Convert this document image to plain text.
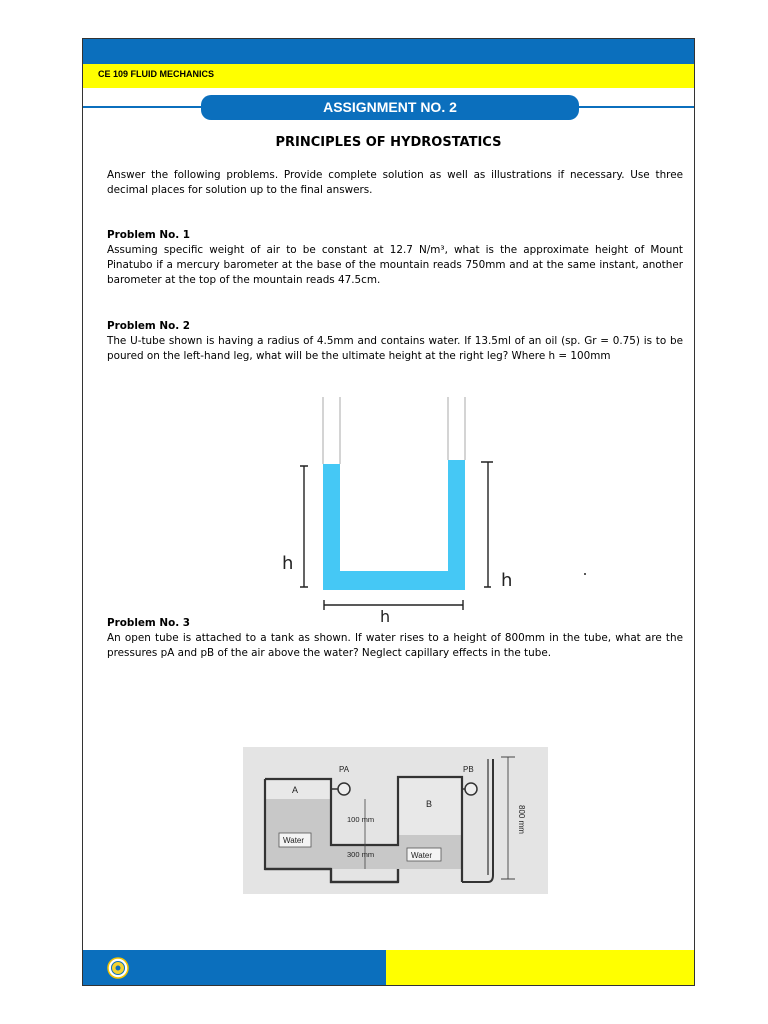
CE 109 FLUID MECHANICS
ASSIGNMENT NO. 2
PRINCIPLES OF HYDROSTATICS
Answer the following problems. Provide complete solution as well as illustrations if necessary. Use three decimal places for solution up to the final answers.
Problem No. 1
Assuming specific weight of air to be constant at 12.7 N/m³, what is the approximate height of Mount Pinatubo if a mercury barometer at the base of the mountain reads 750mm and at the same instant, another barometer at the top of the mountain reads 47.5cm.
Problem No. 2
The U-tube shown is having a radius of 4.5mm and contains water. If 13.5ml of an oil (sp. Gr = 0.75) is to be poured on the left-hand leg, what will be the ultimate height at the right leg? Where h = 100mm
h
h
h
Problem No. 3
An open tube is attached to a tank as shown. If water rises to a height of 800mm in the tube, what are the pressures pA and pB of the air above the water? Neglect capillary effects in the tube.
PA	PB
A
B
Water
Water
100 mm
300 mm
800 mm
